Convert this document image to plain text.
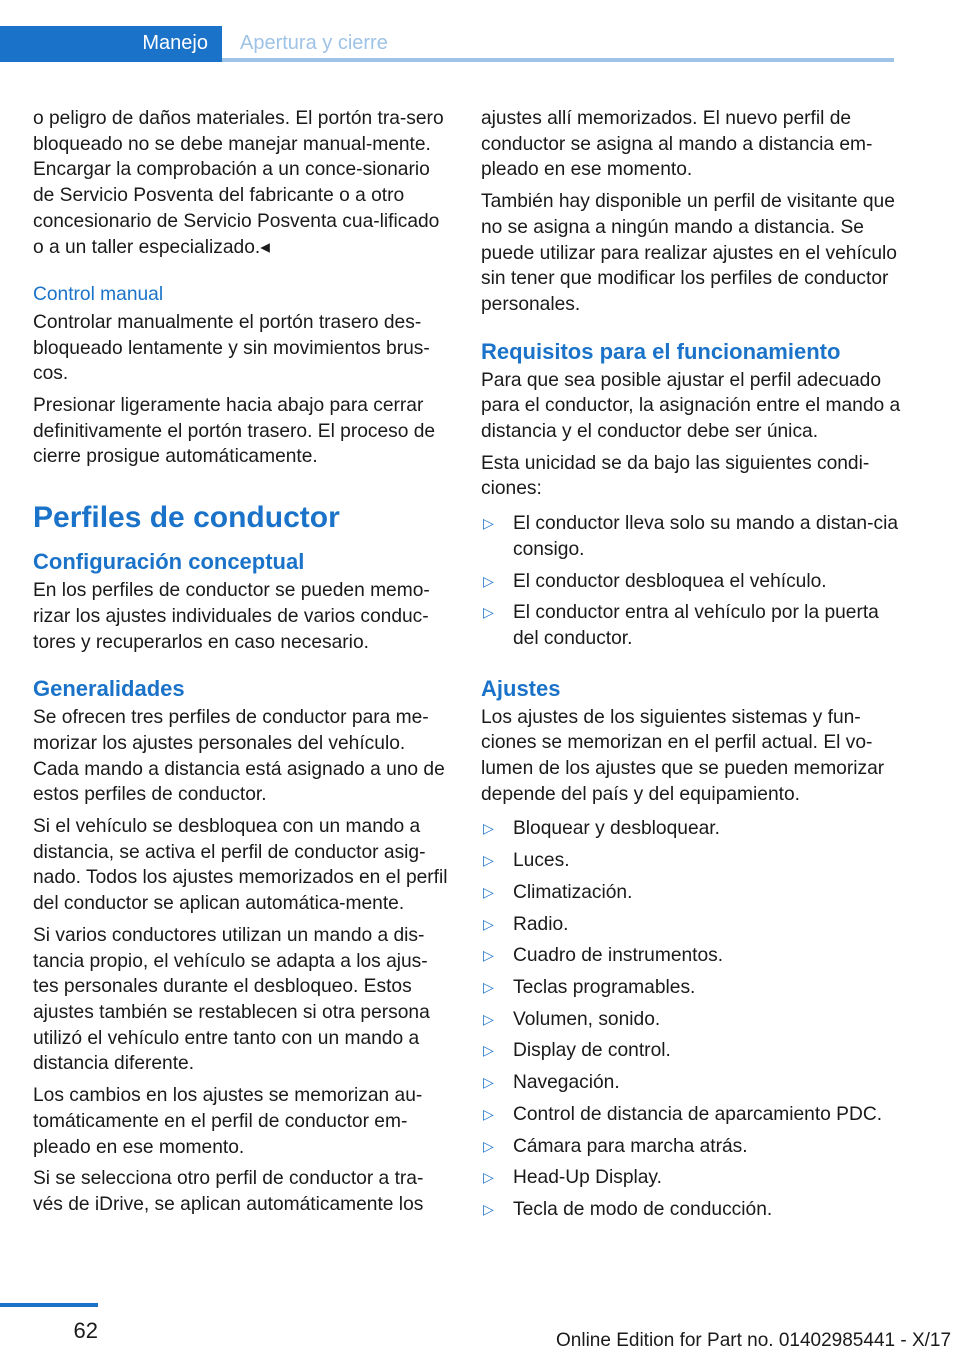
Manejo	Apertura y cierre

o peligro de daños materiales. El portón tra-sero bloqueado no se debe manejar manual-mente. Encargar la comprobación a un conce-sionario de Servicio Posventa del fabricante o a otro concesionario de Servicio Posventa cua-lificado o a un taller especializado.◂

Control manual

Controlar manualmente el portón trasero des-bloqueado lentamente y sin movimientos brus-cos.

Presionar ligeramente hacia abajo para cerrar definitivamente el portón trasero. El proceso de cierre prosigue automáticamente.

Perfiles de conductor
Configuración conceptual

En los perfiles de conductor se pueden memo-rizar los ajustes individuales de varios conduc-tores y recuperarlos en caso necesario.

Generalidades

Se ofrecen tres perfiles de conductor para me-morizar los ajustes personales del vehículo. Cada mando a distancia está asignado a uno de estos perfiles de conductor.

Si el vehículo se desbloquea con un mando a distancia, se activa el perfil de conductor asig-nado. Todos los ajustes memorizados en el perfil del conductor se aplican automática-mente.

Si varios conductores utilizan un mando a dis-tancia propio, el vehículo se adapta a los ajus-tes personales durante el desbloqueo. Estos ajustes también se restablecen si otra persona utilizó el vehículo entre tanto con un mando a distancia diferente.

Los cambios en los ajustes se memorizan au-tomáticamente en el perfil de conductor em-pleado en ese momento.

Si se selecciona otro perfil de conductor a tra-vés de iDrive, se aplican automáticamente los

ajustes allí memorizados. El nuevo perfil de conductor se asigna al mando a distancia em-pleado en ese momento.

También hay disponible un perfil de visitante que no se asigna a ningún mando a distancia. Se puede utilizar para realizar ajustes en el vehículo sin tener que modificar los perfiles de conductor personales.

Requisitos para el funcionamiento

Para que sea posible ajustar el perfil adecuado para el conductor, la asignación entre el mando a distancia y el conductor debe ser única.

Esta unicidad se da bajo las siguientes condi-ciones:

▷ El conductor lleva solo su mando a distan-cia consigo.
▷ El conductor desbloquea el vehículo.
▷ El conductor entra al vehículo por la puerta del conductor.
Ajustes

Los ajustes de los siguientes sistemas y fun-ciones se memorizan en el perfil actual. El vo-lumen de los ajustes que se pueden memorizar depende del país y del equipamiento.

▷ Bloquear y desbloquear.
▷ Luces.
▷ Climatización.
▷ Radio.
▷ Cuadro de instrumentos.
▷ Teclas programables.
▷ Volumen, sonido.
▷ Display de control.
▷ Navegación.
▷ Control de distancia de aparcamiento PDC.
▷ Cámara para marcha atrás.
▷ Head-Up Display.
▷ Tecla de modo de conducción.
62	Online Edition for Part no. 01402985441 - X/17
